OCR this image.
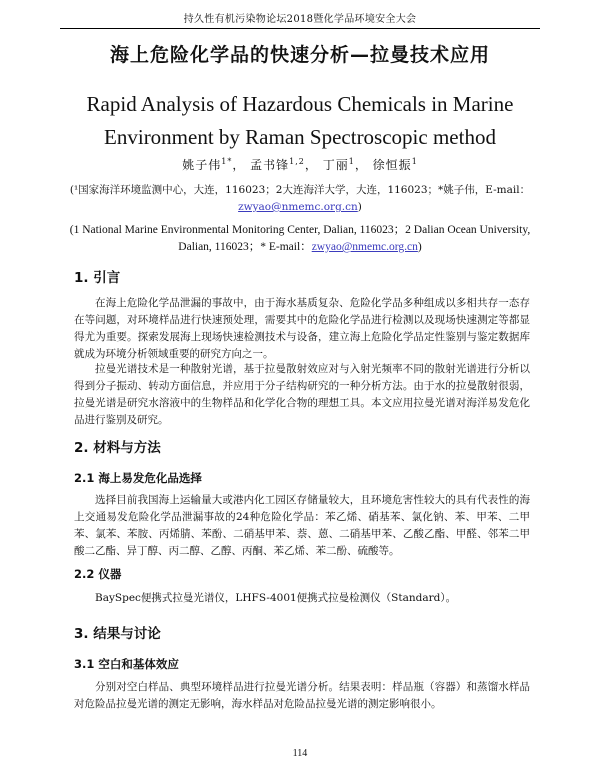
持久性有机污染物论坛2018暨化学品环境安全大会
海上危险化学品的快速分析—拉曼技术应用
Rapid Analysis of Hazardous Chemicals in Marine Environment by Raman Spectroscopic method
姚子伟$^{1*}$， 孟书锋$^{1,2}$， 丁丽$^1$， 徐恒振$^1$
(¹国家海洋环境监测中心，大连，116023；2大连海洋大学，大连，116023；*姚子伟，E-mail：zwyao@nmemc.org.cn)
(1 National Marine Environmental Monitoring Center, Dalian, 116023；2 Dalian Ocean University, Dalian, 116023；* E-mail：zwyao@nmemc.org.cn)
1. 引言
在海上危险化学品泄漏的事故中，由于海水基质复杂、危险化学品多种组成以多相共存一态存在等问题，对环境样品进行快速预处理，需要其中的危险化学品进行检测以及现场快速测定等都显得尤为重要。探索发展海上现场快速检测技术与设备，建立海上危险化学品定性鉴别与鉴定数据库就成为环境分析领域重要的研究方向之一。
拉曼光谱技术是一种散射光谱，基于拉曼散射效应对与入射光频率不同的散射光谱进行分析以得到分子振动、转动方面信息，并应用于分子结构研究的一种分析方法。由于水的拉曼散射很弱，拉曼光谱是研究水溶液中的生物样品和化学化合物的理想工具。本文应用拉曼光谱对海洋易发危化品进行鉴别及研究。
2. 材料与方法
2.1 海上易发危化品选择
选择目前我国海上运输量大或港内化工园区存储量较大，且环境危害性较大的具有代表性的海上交通易发危险化学品泄漏事故的24种危险化学品：苯乙烯、硝基苯、氯化钠、苯、甲苯、二甲苯、氯苯、苯胺、丙烯腈、苯酚、二硝基甲苯、萘、蒽、二硝基甲苯、乙酸乙酯、甲醛、邻苯二甲酸二乙酯、异丁醇、丙二醇、乙醇、丙酮、苯乙烯、苯二酚、硫酸等。
2.2 仪器
BaySpec便携式拉曼光谱仪，LHFS-4001便携式拉曼检测仪（Standard）。
3. 结果与讨论
3.1 空白和基体效应
分别对空白样品、典型环境样品进行拉曼光谱分析。结果表明：样品瓶（容器）和蒸馏水样品对危险品拉曼光谱的测定无影响，海水样品对危险品拉曼光谱的测定影响很小。
114
